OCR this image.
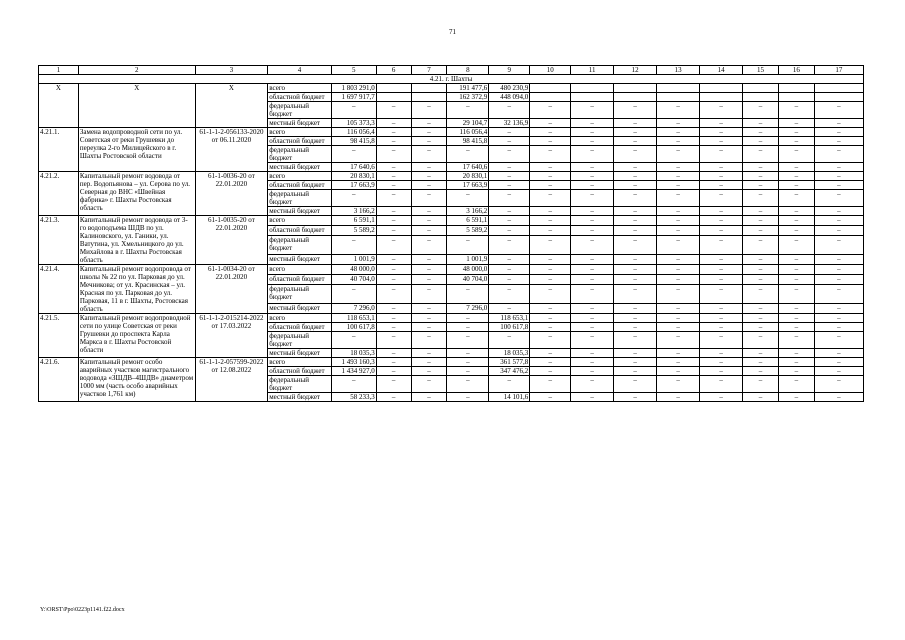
71
1	2	3	4	5	6	7	8	9	10	11	12	13	14	15	16	17
4.21. г. Шахты																
Х	Х	Х	всего	1 803 291,0			191 477,6	480 230,9								
			областной бюджет	1 697 917,7			162 372,9	448 094,0								
			федеральный бюджет	–	–	–	–	–	–	–	–	–	–	–	–	–
			местный бюджет	105 373,3	–	–	29 104,7	32 136,9	–	–	–	–	–	–	–	–
4.21.1.	Замена водопроводной сети по ул. Советская от реки Грушевки до переулка 2-го Милицейского в г. Шахты Ростовской области	61-1-1-2-056133-2020 от 06.11.2020	всего	116 056,4	–	–	116 056,4	–	–	–	–	–	–	–	–	–
			областной бюджет	98 415,8	–	–	98 415,8	–	–	–	–	–	–	–	–	–
			федеральный бюджет	–	–	–	–	–	–	–	–	–	–	–	–	–
			местный бюджет	17 640,6	–	–	17 640,6	–	–	–	–	–	–	–	–	–
4.21.2.	Капитальный ремонт водовода от пер. Водопьянова – ул. Серова по ул. Северная до ВНС «Швейная фабрика» г. Шахты Ростовская область	61-1-0036-20 от 22.01.2020	всего	20 830,1	–	–	20 830,1	–	–	–	–	–	–	–	–	–
			областной бюджет	17 663,9	–	–	17 663,9	–	–	–	–	–	–	–	–	–
			федеральный бюджет	–	–	–	–	–	–	–	–	–	–	–	–	–
			местный бюджет	3 166,2	–	–	3 166,2	–	–	–	–	–	–	–	–	–
4.21.3.	Капитальный ремонт водовода от 3-го водоподъема ШДВ по ул. Калиновского, ул. Ганики, ул. Ватутина, ул. Хмельницкого до ул. Михайлова в г. Шахты Ростовская область	61-1-0035-20 от 22.01.2020	всего	6 591,1	–	–	6 591,1	–	–	–	–	–	–	–	–	–
			областной бюджет	5 589,2	–	–	5 589,2	–	–	–	–	–	–	–	–	–
			федеральный бюджет	–	–	–	–	–	–	–	–	–	–	–	–	–
			местный бюджет	1 001,9	–	–	1 001,9	–	–	–	–	–	–	–	–	–
4.21.4.	Капитальный ремонт водопровода от школы № 22 по ул. Парковая до ул. Мечникова; от ул. Красинская – ул. Красная по ул. Парковая до ул. Парковая, 11 в г. Шахты, Ростовская область	61-1-0034-20 от 22.01.2020	всего	48 000,0	–	–	48 000,0	–	–	–	–	–	–	–	–	–
			областной бюджет	40 704,0	–	–	40 704,0	–	–	–	–	–	–	–	–	–
			федеральный бюджет	–	–	–	–	–	–	–	–	–	–	–	–	–
			местный бюджет	7 296,0	–	–	7 296,0	–	–	–	–	–	–	–	–	–
4.21.5.	Капитальный ремонт водопроводной сети по улице Советская от реки Грушевки до проспекта Карла Маркса в г. Шахты Ростовской области	61-1-1-2-015214-2022 от 17.03.2022	всего	118 653,1	–	–	–	118 653,1	–	–	–	–	–	–	–	–
			областной бюджет	100 617,8	–	–	–	100 617,8	–	–	–	–	–	–	–	–
			федеральный бюджет	–	–	–	–	–	–	–	–	–	–	–	–	–
			местный бюджет	18 035,3	–	–	–	18 035,3	–	–	–	–	–	–	–	–
4.21.6.	Капитальный ремонт особо аварийных участков магистрального водовода «ЗШДВ–4ШДВ» диаметром 1000 мм (часть особо аварийных участков 1,761 км)	61-1-1-2-057599-2022 от 12.08.2022	всего	1 493 160,3	–	–	–	361 577,8	–	–	–	–	–	–	–	–
			областной бюджет	1 434 927,0	–	–	–	347 476,2	–	–	–	–	–	–	–	–
			федеральный бюджет	–	–	–	–	–	–	–	–	–	–	–	–	–
			местный бюджет	58 233,3	–	–	–	14 101,6	–	–	–	–	–	–	–	–
Y:\ORST\Ppo\0223p1141.f22.docx
